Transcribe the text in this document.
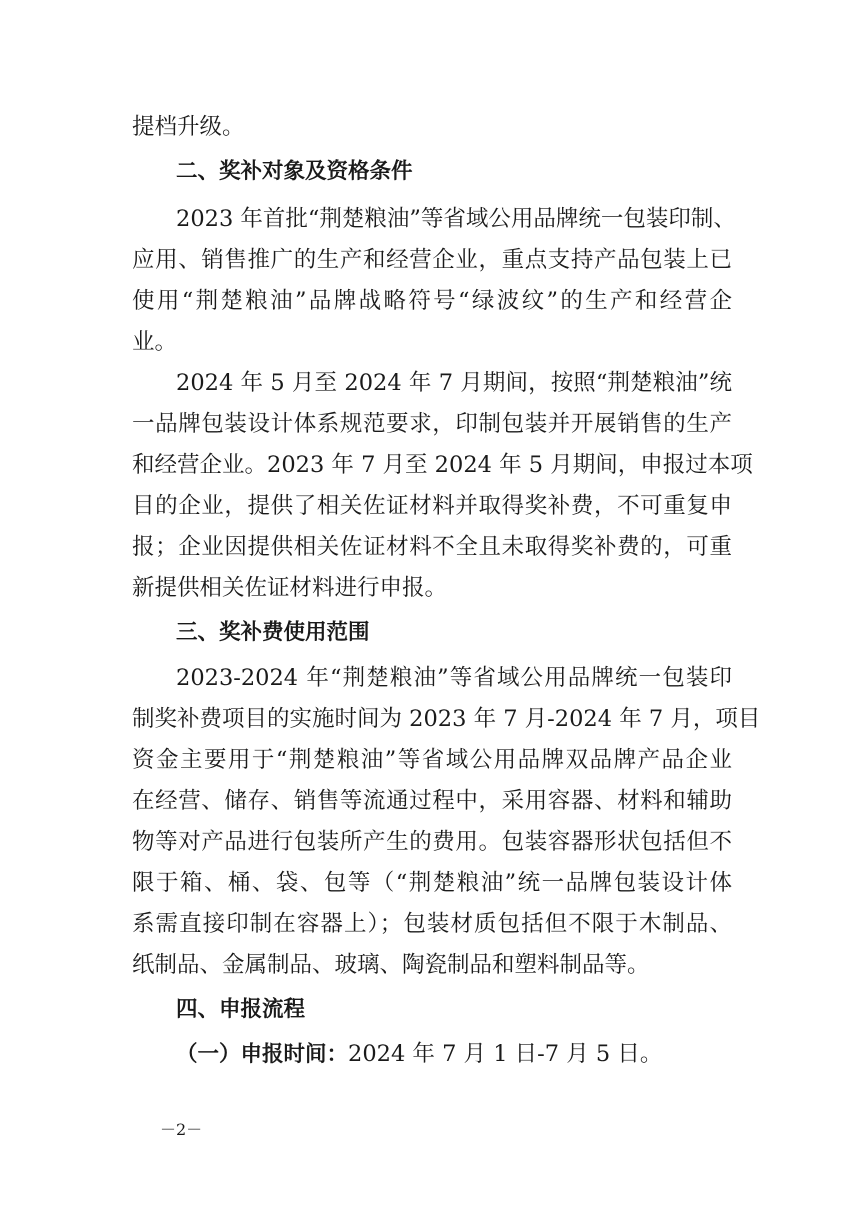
提档升级。
二、奖补对象及资格条件
2023 年首批“荆楚粮油”等省域公用品牌统一包装印制、
应用、销售推广的生产和经营企业，重点支持产品包装上已
使用“荆楚粮油”品牌战略符号“绿波纹”的生产和经营企
业。
2024 年 5 月至 2024 年 7 月期间，按照“荆楚粮油”统
一品牌包装设计体系规范要求，印制包装并开展销售的生产
和经营企业。2023 年 7 月至 2024 年 5 月期间，申报过本项
目的企业，提供了相关佐证材料并取得奖补费，不可重复申
报；企业因提供相关佐证材料不全且未取得奖补费的，可重
新提供相关佐证材料进行申报。
三、奖补费使用范围
2023-2024 年“荆楚粮油”等省域公用品牌统一包装印
制奖补费项目的实施时间为 2023 年 7 月-2024 年 7 月，项目
资金主要用于“荆楚粮油”等省域公用品牌双品牌产品企业
在经营、储存、销售等流通过程中，采用容器、材料和辅助
物等对产品进行包装所产生的费用。包装容器形状包括但不
限于箱、桶、袋、包等（“荆楚粮油”统一品牌包装设计体
系需直接印制在容器上）；包装材质包括但不限于木制品、
纸制品、金属制品、玻璃、陶瓷制品和塑料制品等。
四、申报流程
（一）申报时间：2024 年 7 月 1 日-7 月 5 日。
－2－
